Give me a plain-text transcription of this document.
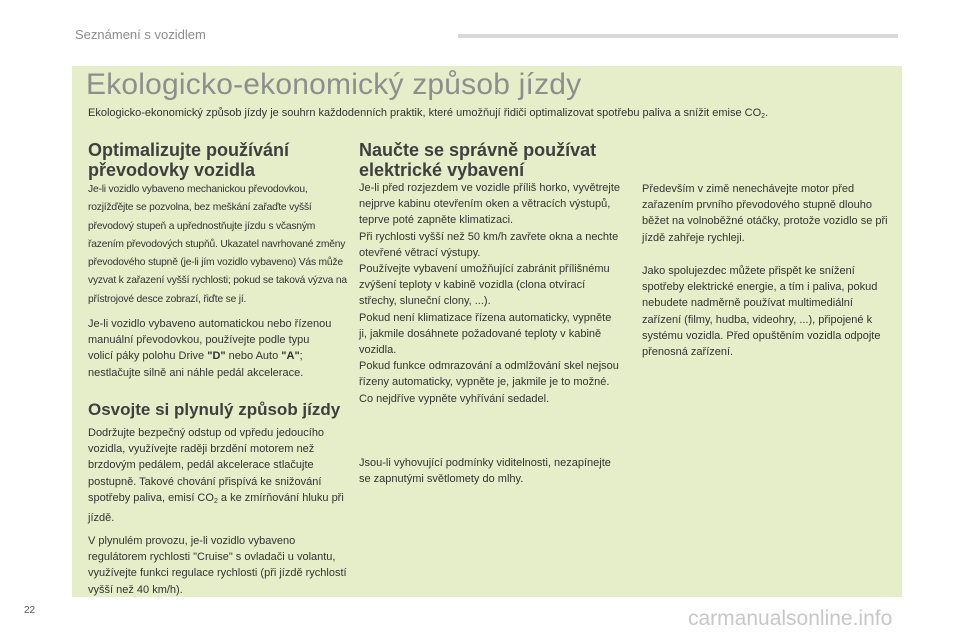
Seznámení s vozidlem
Ekologicko-ekonomický způsob jízdy
Ekologicko-ekonomický způsob jízdy je souhrn každodenních praktik, které umožňují řidiči optimalizovat spotřebu paliva a snížit emise $CO_2$.
Optimalizujte používání převodovky vozidla
Je-li vozidlo vybaveno mechanickou převodovkou, rozjížďějte se pozvolna, bez meškání zařaďte vyšší převodový stupeň a upřednostňujte jízdu s včasným řazením převodových stupňů. Ukazatel navrhované změny převodového stupně (je-li jím vozidlo vybaveno) Vás může vyzvat k zařazení vyšší rychlosti; pokud se taková výzva na přístrojové desce zobrazí, řiďte se jí.
Je-li vozidlo vybaveno automatickou nebo řízenou manuální převodovkou, používejte podle typu volicí páky polohu Drive "D" nebo Auto "A"; nestlačujte silně ani náhle pedál akcelerace.
Osvojte si plynulý způsob jízdy
Dodržujte bezpečný odstup od vpředu jedoucího vozidla, využívejte raději brzdění motorem než brzdovým pedálem, pedál akcelerace stlačujte postupně. Takové chování přispívá ke snižování spotřeby paliva, emisí $CO_2$ a ke zmírňování hluku při jízdě.
V plynulém provozu, je-li vozidlo vybaveno regulátorem rychlosti "Cruise" s ovladači u volantu, využívejte funkci regulace rychlosti (při jízdě rychlostí vyšší než 40 km/h).
Naučte se správně používat elektrické vybavení
Je-li před rozjezdem ve vozidle příliš horko, vyvětrejte nejprve kabinu otevřením oken a větracích výstupů, teprve poté zapněte klimatizaci.
Při rychlosti vyšší než 50 km/h zavřete okna a nechte otevřené větrací výstupy.
Používejte vybavení umožňující zabránit přílišnému zvýšení teploty v kabině vozidla (clona otvírací střechy, sluneční clony, ...).
Pokud není klimatizace řízena automaticky, vypněte ji, jakmile dosáhnete požadované teploty v kabině vozidla.
Pokud funkce odmrazování a odmlžování skel nejsou řízeny automaticky, vypněte je, jakmile je to možné.
Co nejdříve vypněte vyhřívání sedadel.
Jsou-li vyhovující podmínky viditelnosti, nezapínejte se zapnutými světlomety do mlhy.
Především v zimě nenechávejte motor před zařazením prvního převodového stupně dlouho běžet na volnoběžné otáčky, protože vozidlo se při jízdě zahřeje rychleji.
Jako spolujezdec můžete přispět ke snížení spotřeby elektrické energie, a tím i paliva, pokud nebudete nadměrně používat multimediální zařízení (filmy, hudba, videohry, ...), připojené k systému vozidla. Před opuštěním vozidla odpojte přenosná zařízení.
22	carmanualsonline.info
